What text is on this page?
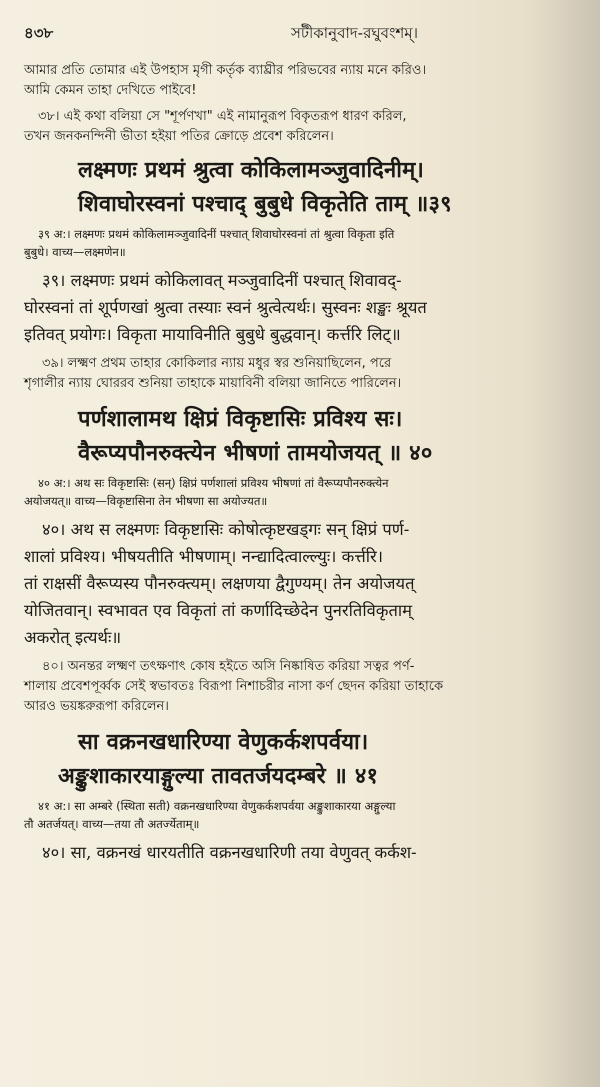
৪৩৮	সটীকানুবাদ-রঘুবংশম্‌।
আমার প্রতি তোমার এই উপহাস মৃগী কর্তৃক ব্যাঘ্রীর পরিভবের ন্যায় মনে করিও।
আমি কেমন তাহা দেখিতে পাইবে!
৩৮। এই কথা বলিয়া সে "শূর্পণখা" এই নামানুরূপ বিকৃতরূপ ধারণ করিল,
তখন জনকনন্দিনী ভীতা হইয়া পতির ক্রোড়ে প্রবেশ করিলেন।
लक्ष्मणः प्रथमं श्रुत्वा कोकिलामञ्जुवादिनीम्।
शिवाघोरस्वनां पश्चाद् बुबुधे विकृतेति ताम् ॥३९
३९ अ:। लक्ष्मणः प्रथमं कोकिलामञ्जुवादिनीं पश्चात् शिवाघोरस्वनां तां श्रुत्वा विकृता इति
बुबुधे। वाच्य—लक्ष्मणेन॥
३९। लक्ष्मणः प्रथमं कोकिलावत् मञ्जुवादिनीं पश्चात् शिवावद्-
घोरस्वनां तां शूर्पणखां श्रुत्वा तस्याः स्वनं श्रुत्वेत्यर्थः। सुस्वनः शङ्खः श्रूयत
इतिवत् प्रयोगः। विकृता मायाविनीति बुबुधे बुद्धवान्। कर्त्तरि लिट्॥
৩৯। লক্ষ্মণ প্রথম তাহার কোকিলার ন্যায় মধুর স্বর শুনিয়াছিলেন, পরে
শৃগালীর ন্যায় ঘোররব শুনিয়া তাহাকে মায়াবিনী বলিয়া জানিতে পারিলেন।
पर्णशालामथ क्षिप्रं विकृष्टासिः प्रविश्य सः।
वैरूप्यपौनरुक्त्येन भीषणां तामयोजयत् ॥ ४०
४० अ:। अथ सः विकृष्टासिः (सन्) क्षिप्रं पर्णशालां प्रविश्य भीषणां तां वैरूप्यपौनरुक्त्येन
अयोजयत्॥ वाच्य—विकृष्टासिना तेन भीषणा सा अयोज्यत॥
४०। अथ स लक्ष्मणः विकृष्टासिः कोषोत्कृष्टखड्गः सन् क्षिप्रं पर्ण-
शालां प्रविश्य। भीषयतीति भीषणाम्। नन्द्यादित्वाल्ल्युः। कर्त्तरि।
तां राक्षसीं वैरूप्यस्य पौनरुक्त्यम्। लक्षणया द्वैगुण्यम्। तेन अयोजयत्
योजितवान्। स्वभावत एव विकृतां तां कर्णादिच्छेदेन पुनरतिविकृताम्
अकरोत् इत्यर्थः॥
৪০। অনন্তর লক্ষ্মণ তৎক্ষণাৎ কোষ হইতে অসি নিষ্কাষিত করিয়া সত্বর পর্ণ-
শালায় প্রবেশপূর্ব্বক সেই স্বভাবতঃ বিরূপা নিশাচরীর নাসা কর্ণ ছেদন করিয়া তাহাকে
আরও ভয়ঙ্করুরূপা করিলেন।
सा वक्रनखधारिण्या वेणुकर्कशपर्वया।
अङ्कुशाकारयाङ्गुल्या तावतर्जयदम्बरे ॥ ४१
४१ अ:। सा अम्बरे (स्थिता सती) वक्रनखधारिण्या वेणुकर्कशपर्वया अङ्कुशाकारया अङ्गुल्या
तौ अतर्जयत्। वाच्य—तया तौ अतर्ज्येताम्॥
४०। सा, वक्रनखं धारयतीति वक्रनखधारिणी तया वेणुवत् कर्कश-
